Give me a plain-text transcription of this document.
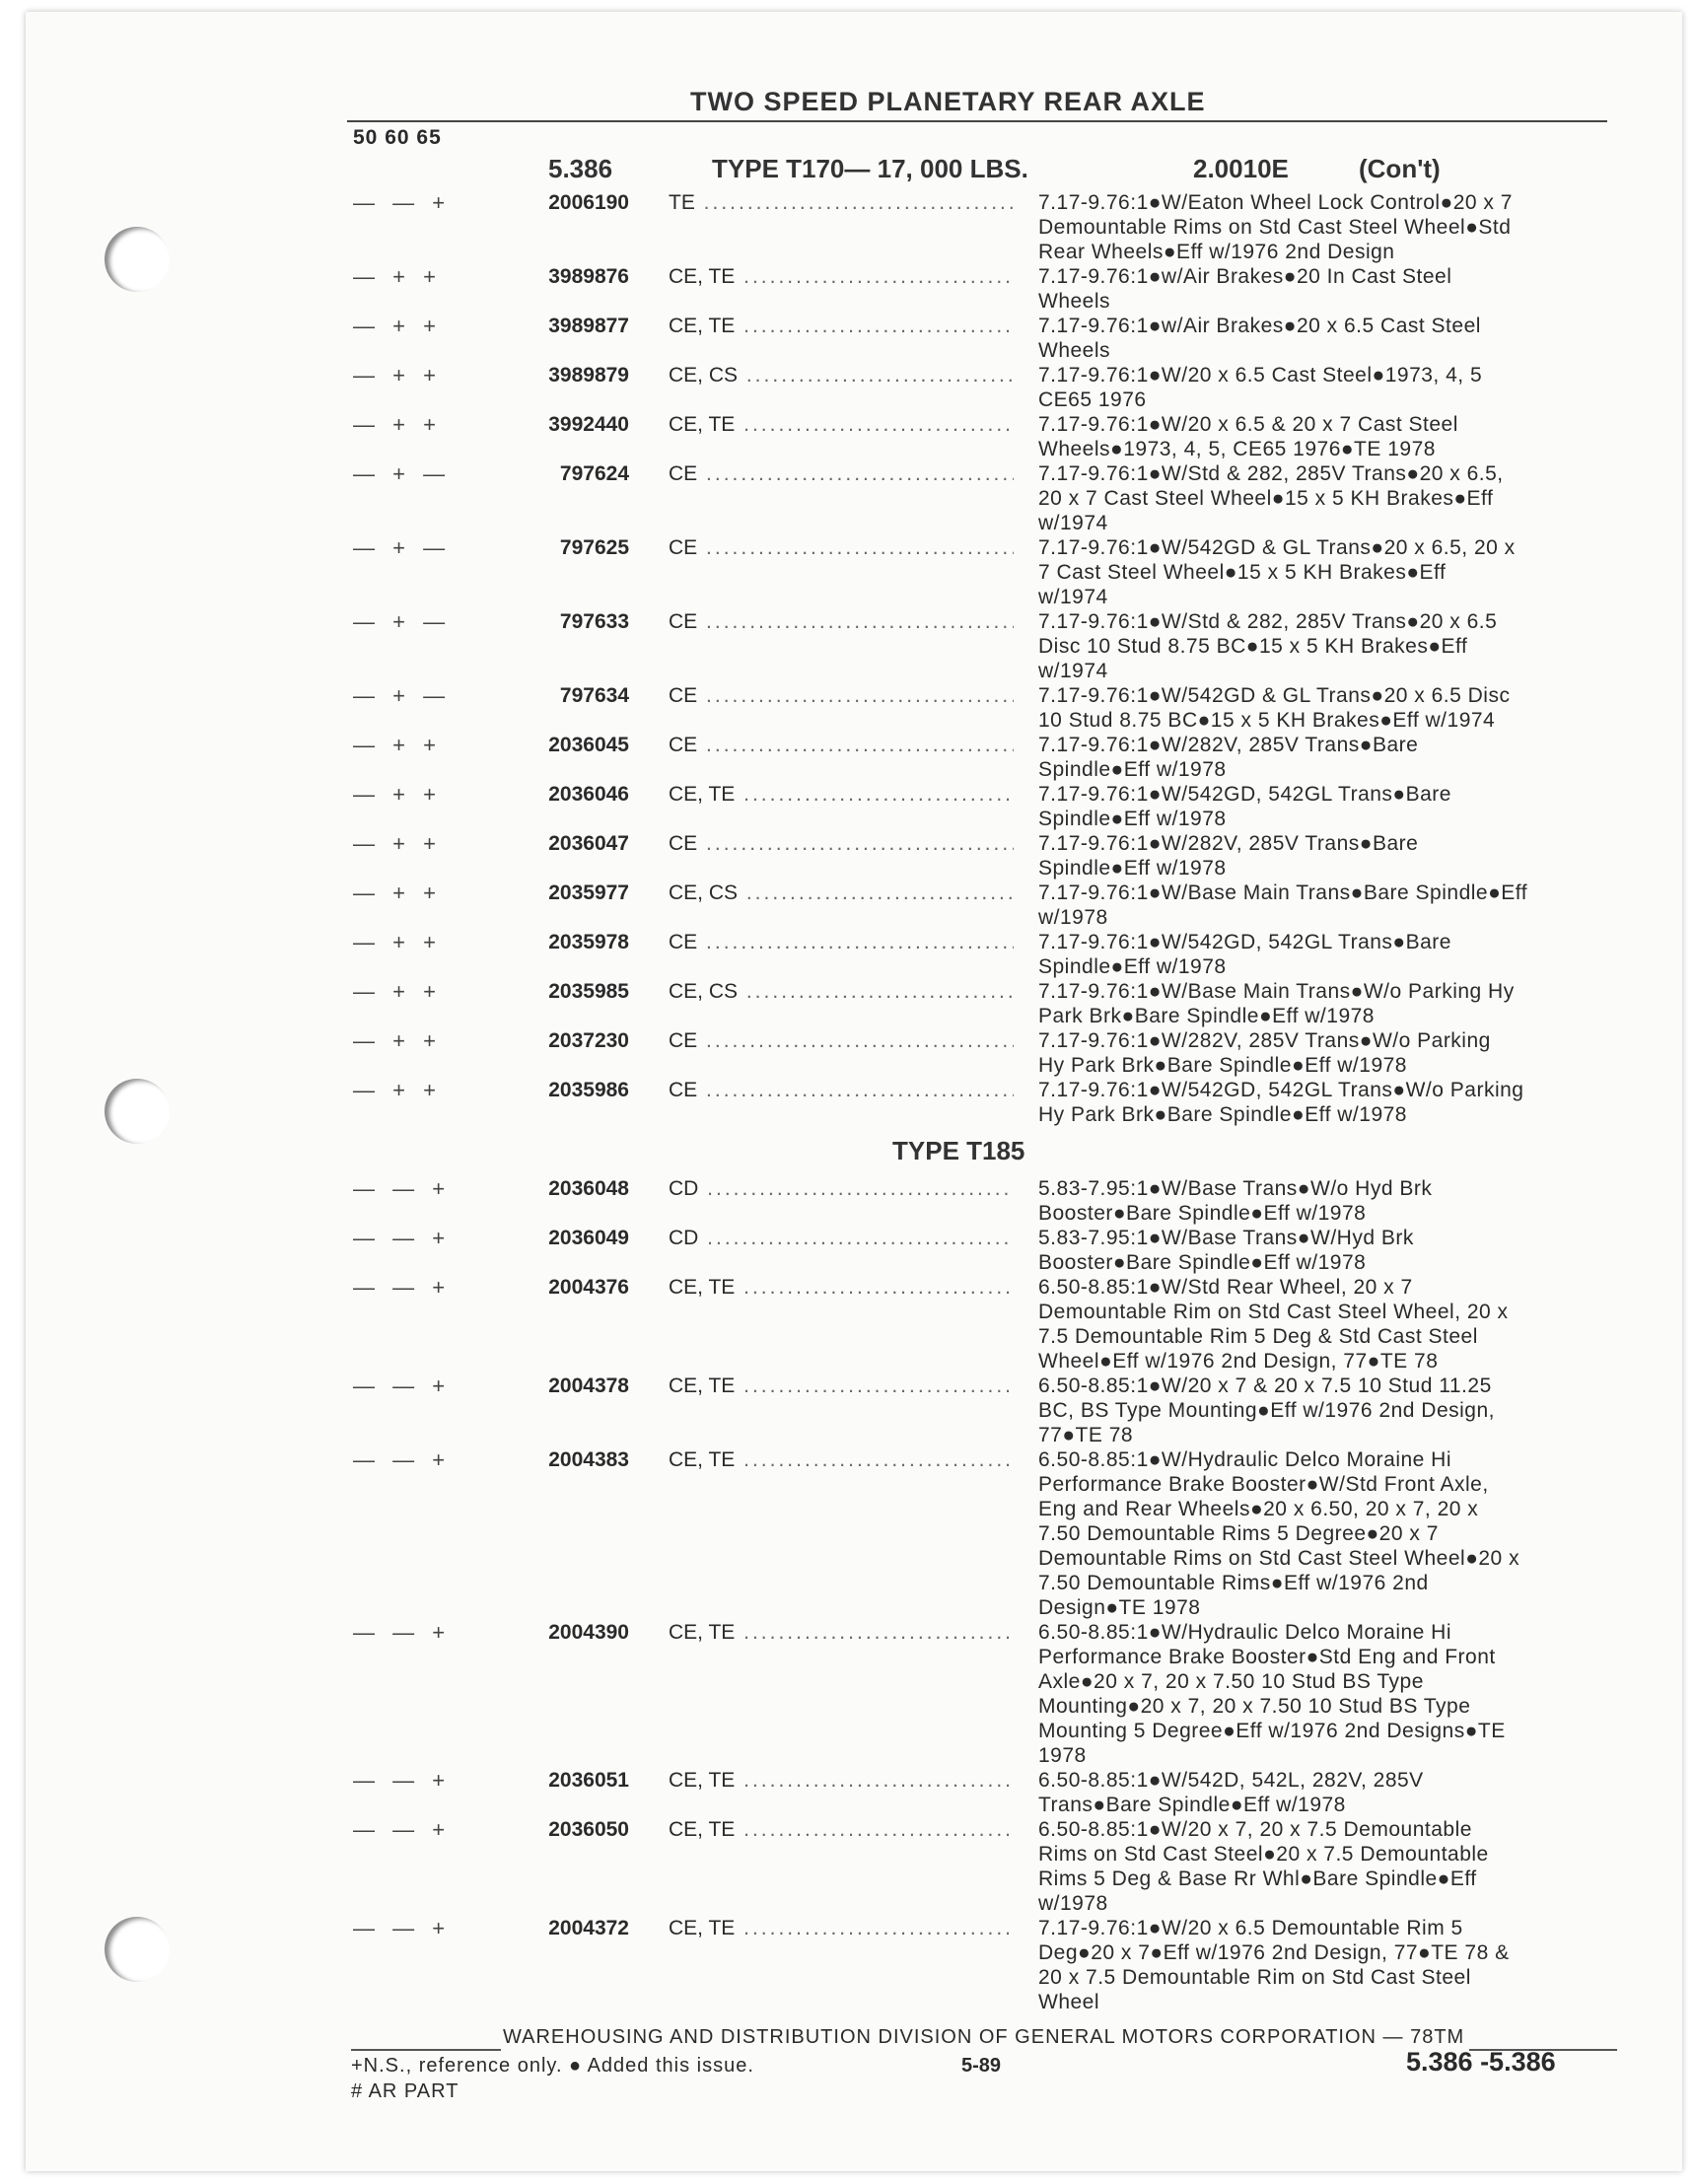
TWO SPEED PLANETARY REAR AXLE
50 60 65
5.386	TYPE T170— 17, 000 LBS.	2.0010E	(Con't)
— — +	2006190 TE .....	7.17-9.76:1●W/Eaton Wheel Lock Control●20 x 7
Demountable Rims on Std Cast Steel Wheel●Std
Rear Wheels●Eff w/1976 2nd Design
— + +	3989876 CE, TE .....	7.17-9.76:1●w/Air Brakes●20 In Cast Steel
Wheels
— + +	3989877 CE, TE .....	7.17-9.76:1●w/Air Brakes●20 x 6.5 Cast Steel
Wheels
— + +	3989879 CE, CS .....	7.17-9.76:1●W/20 x 6.5 Cast Steel●1973, 4, 5
CE65 1976
— + +	3992440 CE, TE .....	7.17-9.76:1●W/20 x 6.5 & 20 x 7 Cast Steel
Wheels●1973, 4, 5, CE65 1976●TE 1978
— + —	797624 CE .....	7.17-9.76:1●W/Std & 282, 285V Trans●20 x 6.5,
20 x 7 Cast Steel Wheel●15 x 5 KH Brakes●Eff
w/1974
— + —	797625 CE .....	7.17-9.76:1●W/542GD & GL Trans●20 x 6.5, 20 x
7 Cast Steel Wheel●15 x 5 KH Brakes●Eff
w/1974
— + —	797633 CE .....	7.17-9.76:1●W/Std & 282, 285V Trans●20 x 6.5
Disc 10 Stud 8.75 BC●15 x 5 KH Brakes●Eff
w/1974
— + —	797634 CE .....	7.17-9.76:1●W/542GD & GL Trans●20 x 6.5 Disc
10 Stud 8.75 BC●15 x 5 KH Brakes●Eff w/1974
— + +	2036045 CE .....	7.17-9.76:1●W/282V, 285V Trans●Bare
Spindle●Eff w/1978
— + +	2036046 CE, TE .....	7.17-9.76:1●W/542GD, 542GL Trans●Bare
Spindle●Eff w/1978
— + +	2036047 CE .....	7.17-9.76:1●W/282V, 285V Trans●Bare
Spindle●Eff w/1978
— + +	2035977 CE, CS .....	7.17-9.76:1●W/Base Main Trans●Bare Spindle●Eff
w/1978
— + +	2035978 CE .....	7.17-9.76:1●W/542GD, 542GL Trans●Bare
Spindle●Eff w/1978
— + +	2035985 CE, CS .....	7.17-9.76:1●W/Base Main Trans●W/o Parking Hy
Park Brk●Bare Spindle●Eff w/1978
— + +	2037230 CE .....	7.17-9.76:1●W/282V, 285V Trans●W/o Parking
Hy Park Brk●Bare Spindle●Eff w/1978
— + +	2035986 CE .....	7.17-9.76:1●W/542GD, 542GL Trans●W/o Parking
Hy Park Brk●Bare Spindle●Eff w/1978
TYPE T185
— — +	2036048 CD .....	5.83-7.95:1●W/Base Trans●W/o Hyd Brk
Booster●Bare Spindle●Eff w/1978
— — +	2036049 CD .....	5.83-7.95:1●W/Base Trans●W/Hyd Brk
Booster●Bare Spindle●Eff w/1978
— — +	2004376 CE, TE .....	6.50-8.85:1●W/Std Rear Wheel, 20 x 7
Demountable Rim on Std Cast Steel Wheel, 20 x
7.5 Demountable Rim 5 Deg & Std Cast Steel
Wheel●Eff w/1976 2nd Design, 77●TE 78
— — +	2004378 CE, TE .....	6.50-8.85:1●W/20 x 7 & 20 x 7.5 10 Stud 11.25
BC, BS Type Mounting●Eff w/1976 2nd Design,
77●TE 78
— — +	2004383 CE, TE .....	6.50-8.85:1●W/Hydraulic Delco Moraine Hi
Performance Brake Booster●W/Std Front Axle,
Eng and Rear Wheels●20 x 6.50, 20 x 7, 20 x
7.50 Demountable Rims 5 Degree●20 x 7
Demountable Rims on Std Cast Steel Wheel●20 x
7.50 Demountable Rims●Eff w/1976 2nd
Design●TE 1978
— — +	2004390 CE, TE .....	6.50-8.85:1●W/Hydraulic Delco Moraine Hi
Performance Brake Booster●Std Eng and Front
Axle●20 x 7, 20 x 7.50 10 Stud BS Type
Mounting●20 x 7, 20 x 7.50 10 Stud BS Type
Mounting 5 Degree●Eff w/1976 2nd Designs●TE
1978
— — +	2036051 CE, TE .....	6.50-8.85:1●W/542D, 542L, 282V, 285V
Trans●Bare Spindle●Eff w/1978
— — +	2036050 CE, TE .....	6.50-8.85:1●W/20 x 7, 20 x 7.5 Demountable
Rims on Std Cast Steel●20 x 7.5 Demountable
Rims 5 Deg & Base Rr Whl●Bare Spindle●Eff
w/1978
— — +	2004372 CE, TE .....	7.17-9.76:1●W/20 x 6.5 Demountable Rim 5
Deg●20 x 7●Eff w/1976 2nd Design, 77●TE 78 &
20 x 7.5 Demountable Rim on Std Cast Steel
Wheel
WAREHOUSING AND DISTRIBUTION DIVISION OF GENERAL MOTORS CORPORATION — 78TM
+N.S., reference only. ● Added this issue.
# AR PART
5-89	5.386 -5.386
